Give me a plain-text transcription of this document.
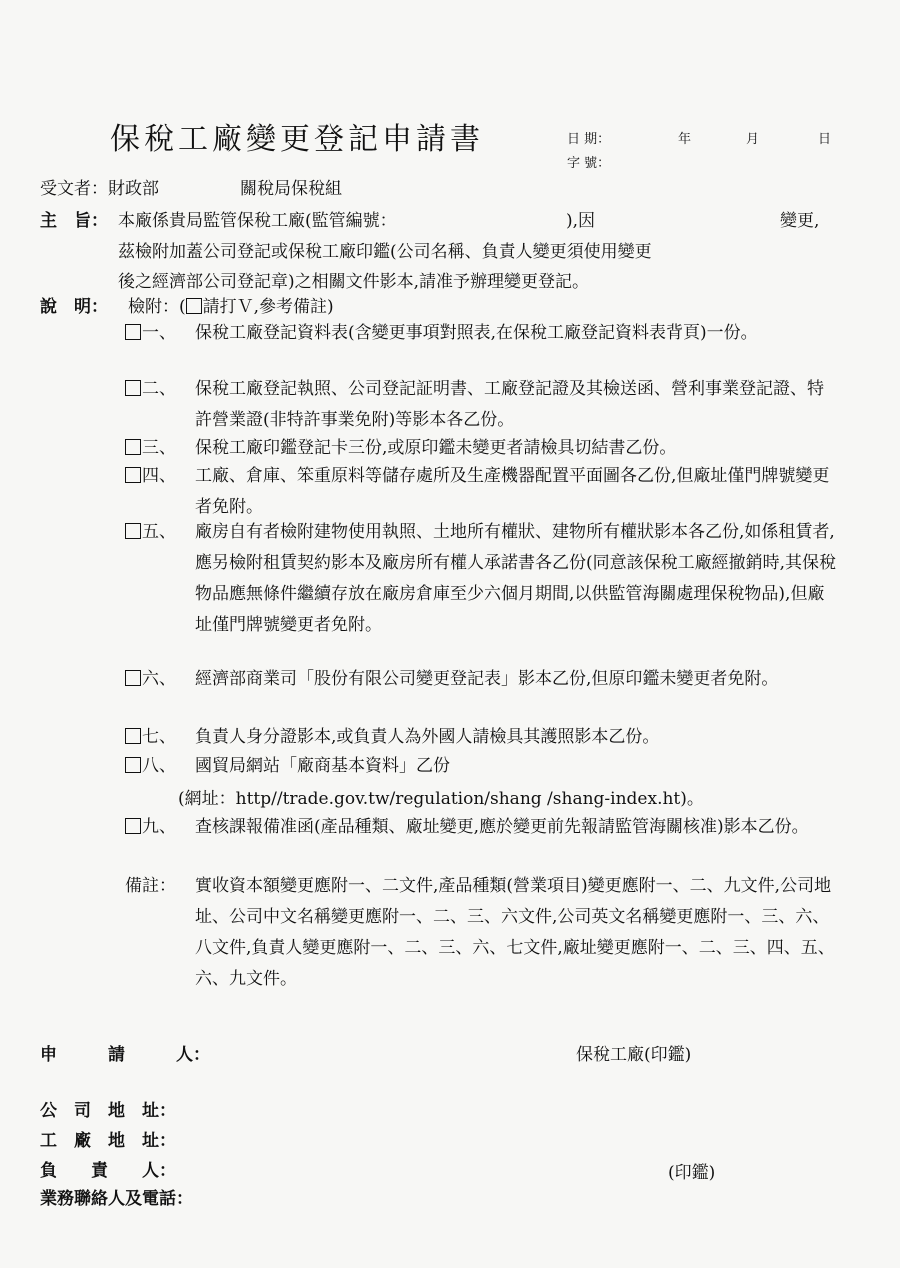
保稅工廠變更登記申請書	日 期：	年	月	日
字 號：
受文者：財政部	關稅局保稅組
主　旨： 本廠係貴局監管保稅工廠(監管編號：	),因	變更,
茲檢附加蓋公司登記或保稅工廠印鑑(公司名稱、負責人變更須使用變更
後之經濟部公司登記章)之相關文件影本,請准予辦理變更登記。
說　明： 檢附：( 請打Ｖ,參考備註)
一、 保稅工廠登記資料表(含變更事項對照表,在保稅工廠登記資料表背頁)一份。
二、 保稅工廠登記執照、公司登記証明書、工廠登記證及其檢送函、營利事業登記證、特許營業證(非特許事業免附)等影本各乙份。
三、 保稅工廠印鑑登記卡三份,或原印鑑未變更者請檢具切結書乙份。
四、 工廠、倉庫、笨重原料等儲存處所及生產機器配置平面圖各乙份,但廠址僅門牌號變更者免附。
五、 廠房自有者檢附建物使用執照、土地所有權狀、建物所有權狀影本各乙份,如係租賃者,應另檢附租賃契約影本及廠房所有權人承諾書各乙份(同意該保稅工廠經撤銷時,其保稅物品應無條件繼續存放在廠房倉庫至少六個月期間,以供監管海關處理保稅物品),但廠址僅門牌號變更者免附。
六、 經濟部商業司「股份有限公司變更登記表」影本乙份,但原印鑑未變更者免附。
七、 負責人身分證影本,或負責人為外國人請檢具其護照影本乙份。
八、 國貿局網站「廠商基本資料」乙份
(網址：http//trade.gov.tw/regulation/shang /shang-index.ht)。
九、 查核課報備准函(產品種類、廠址變更,應於變更前先報請監管海關核准)影本乙份。
備註： 實收資本額變更應附一、二文件,產品種類(營業項目)變更應附一、二、九文件,公司地址、公司中文名稱變更應附一、二、三、六文件,公司英文名稱變更應附一、三、六、八文件,負責人變更應附一、二、三、六、七文件,廠址變更應附一、二、三、四、五、六、九文件。
申　　　請　　　人：	保稅工廠(印鑑)
公　司　地　址：
工　廠　地　址：
負　　責　　人：	(印鑑)
業務聯絡人及電話：
